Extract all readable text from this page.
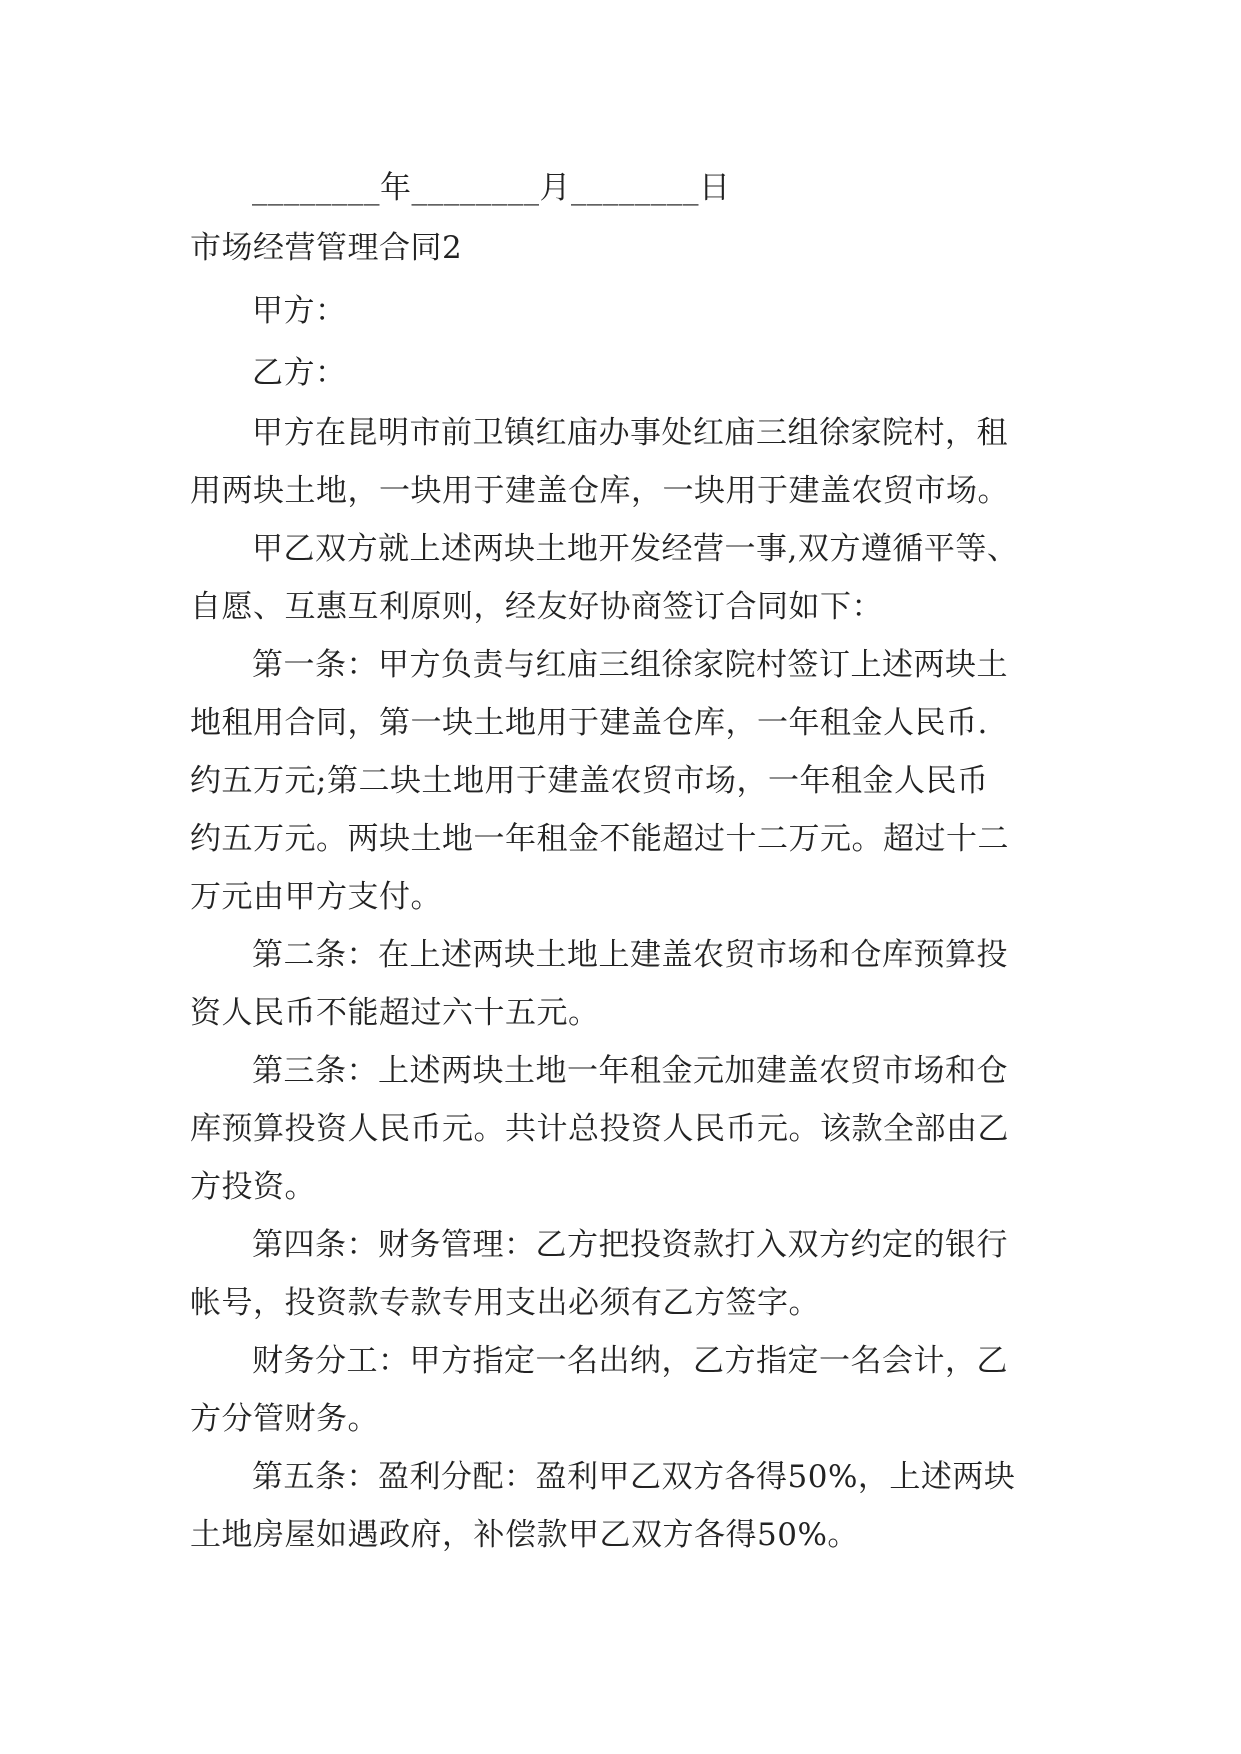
________年________月________日
市场经营管理合同2
甲方：
乙方：
甲方在昆明市前卫镇红庙办事处红庙三组徐家院村，租
用两块土地，一块用于建盖仓库，一块用于建盖农贸市场。
甲乙双方就上述两块土地开发经营一事,双方遵循平等、
自愿、互惠互利原则，经友好协商签订合同如下：
第一条：甲方负责与红庙三组徐家院村签订上述两块土
地租用合同，第一块土地用于建盖仓库，一年租金人民币.
约五万元;第二块土地用于建盖农贸市场，一年租金人民币
约五万元。两块土地一年租金不能超过十二万元。超过十二
万元由甲方支付。
第二条：在上述两块土地上建盖农贸市场和仓库预算投
资人民币不能超过六十五元。
第三条：上述两块土地一年租金元加建盖农贸市场和仓
库预算投资人民币元。共计总投资人民币元。该款全部由乙
方投资。
第四条：财务管理：乙方把投资款打入双方约定的银行
帐号，投资款专款专用支出必须有乙方签字。
财务分工：甲方指定一名出纳，乙方指定一名会计，乙
方分管财务。
第五条：盈利分配：盈利甲乙双方各得50%，上述两块
土地房屋如遇政府，补偿款甲乙双方各得50%。
